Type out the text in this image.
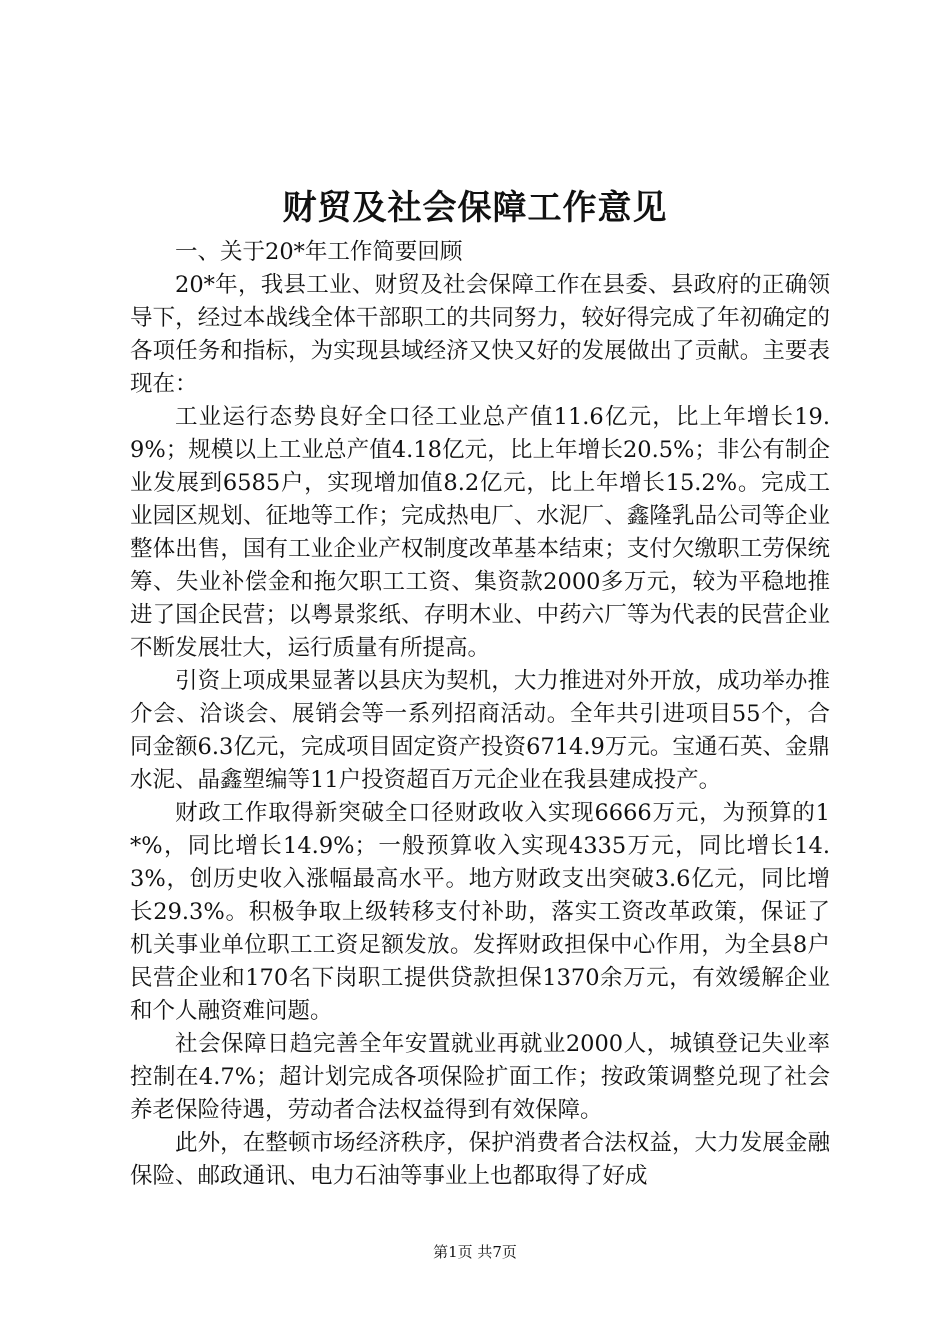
财贸及社会保障工作意见

一、关于20*年工作简要回顾

20*年，我县工业、财贸及社会保障工作在县委、县政府的正确领导下，经过本战线全体干部职工的共同努力，较好得完成了年初确定的各项任务和指标，为实现县域经济又快又好的发展做出了贡献。主要表现在：

工业运行态势良好全口径工业总产值11.6亿元，比上年增长19.9%；规模以上工业总产值4.18亿元，比上年增长20.5%；非公有制企业发展到6585户，实现增加值8.2亿元，比上年增长15.2%。完成工业园区规划、征地等工作；完成热电厂、水泥厂、鑫隆乳品公司等企业整体出售，国有工业企业产权制度改革基本结束；支付欠缴职工劳保统筹、失业补偿金和拖欠职工工资、集资款2000多万元，较为平稳地推进了国企民营；以粤景浆纸、存明木业、中药六厂等为代表的民营企业不断发展壮大，运行质量有所提高。

引资上项成果显著以县庆为契机，大力推进对外开放，成功举办推介会、洽谈会、展销会等一系列招商活动。全年共引进项目55个，合同金额6.3亿元，完成项目固定资产投资6714.9万元。宝通石英、金鼎水泥、晶鑫塑编等11户投资超百万元企业在我县建成投产。

财政工作取得新突破全口径财政收入实现6666万元，为预算的1*%，同比增长14.9%；一般预算收入实现4335万元，同比增长14.3%，创历史收入涨幅最高水平。地方财政支出突破3.6亿元，同比增长29.3%。积极争取上级转移支付补助，落实工资改革政策，保证了机关事业单位职工工资足额发放。发挥财政担保中心作用，为全县8户民营企业和170名下岗职工提供贷款担保1370余万元，有效缓解企业和个人融资难问题。

社会保障日趋完善全年安置就业再就业2000人，城镇登记失业率控制在4.7%；超计划完成各项保险扩面工作；按政策调整兑现了社会养老保险待遇，劳动者合法权益得到有效保障。

此外，在整顿市场经济秩序，保护消费者合法权益，大力发展金融保险、邮政通讯、电力石油等事业上也都取得了好成

第1页 共7页
